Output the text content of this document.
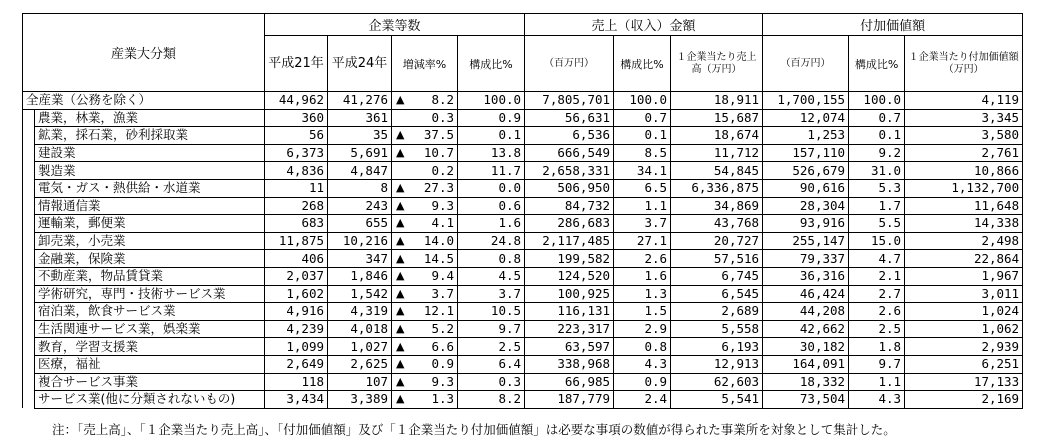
産業大分類		企業等数				売上（収入）金額			付加価値額		
		平成21年	平成24年	増減率%	構成比%	（百万円）	構成比%	１企業当たり売上高（万円）	（百万円）	構成比%	１企業当たり付加価値額（万円）

全産業（公務を除く）		44,962	41,276	▲ 8.2	100.0	7,805,701	100.0	18,911	1,700,155	100.0	4,119
	農業，林業，漁業	360	361	0.3	0.9	56,631	0.7	15,687	12,074	0.7	3,345
	鉱業，採石業，砂利採取業	56	35	▲ 37.5	0.1	6,536	0.1	18,674	1,253	0.1	3,580
	建設業	6,373	5,691	▲ 10.7	13.8	666,549	8.5	11,712	157,110	9.2	2,761
	製造業	4,836	4,847	0.2	11.7	2,658,331	34.1	54,845	526,679	31.0	10,866
	電気・ガス・熱供給・水道業	11	8	▲ 27.3	0.0	506,950	6.5	6,336,875	90,616	5.3	1,132,700
	情報通信業	268	243	▲ 9.3	0.6	84,732	1.1	34,869	28,304	1.7	11,648
	運輸業，郵便業	683	655	▲ 4.1	1.6	286,683	3.7	43,768	93,916	5.5	14,338
	卸売業，小売業	11,875	10,216	▲ 14.0	24.8	2,117,485	27.1	20,727	255,147	15.0	2,498
	金融業，保険業	406	347	▲ 14.5	0.8	199,582	2.6	57,516	79,337	4.7	22,864
	不動産業，物品賃貸業	2,037	1,846	▲ 9.4	4.5	124,520	1.6	6,745	36,316	2.1	1,967
	学術研究，専門・技術サービス業	1,602	1,542	▲ 3.7	3.7	100,925	1.3	6,545	46,424	2.7	3,011
	宿泊業，飲食サービス業	4,916	4,319	▲ 12.1	10.5	116,131	1.5	2,689	44,208	2.6	1,024
	生活関連サービス業，娯楽業	4,239	4,018	▲ 5.2	9.7	223,317	2.9	5,558	42,662	2.5	1,062
	教育，学習支援業	1,099	1,027	▲ 6.6	2.5	63,597	0.8	6,193	30,182	1.8	2,939
	医療，福祉	2,649	2,625	▲ 0.9	6.4	338,968	4.3	12,913	164,091	9.7	6,251
	複合サービス事業	118	107	▲ 9.3	0.3	66,985	0.9	62,603	18,332	1.1	17,133
	サービス業(他に分類されないもの)	3,434	3,389	▲ 1.3	8.2	187,779	2.4	5,541	73,504	4.3	2,169
注：「売上高」、「１企業当たり売上高」、「付加価値額」及び「１企業当たり付加価値額」は必要な事項の数値が得られた事業所を対象として集計した。
